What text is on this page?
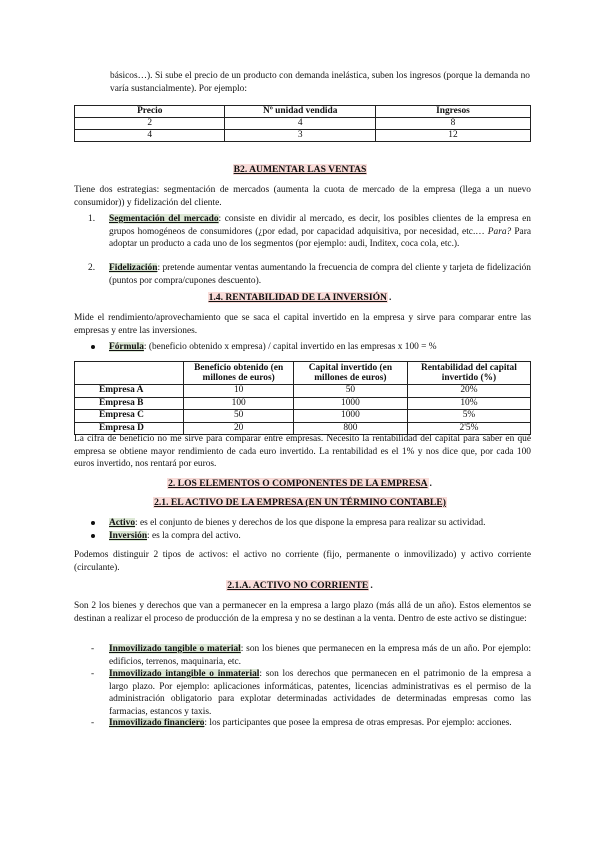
básicos…). Si sube el precio de un producto con demanda inelástica, suben los ingresos (porque la demanda no varía sustancialmente). Por ejemplo:

Precio	Nº unidad vendida	Ingresos
2	4	8
4	3	12
B2. AUMENTAR LAS VENTAS

Tiene dos estrategias: segmentación de mercados (aumenta la cuota de mercado de la empresa (llega a un nuevo consumidor)) y fidelización del cliente.

1. Segmentación del mercado: consiste en dividir al mercado, es decir, los posibles clientes de la empresa en grupos homogéneos de consumidores (¿por edad, por capacidad adquisitiva, por necesidad, etc.… Para? Para adoptar un producto a cada uno de los segmentos (por ejemplo: audi, Inditex, coca cola, etc.).

2. Fidelización: pretende aumentar ventas aumentando la frecuencia de compra del cliente y tarjeta de fidelización (puntos por compra/cupones descuento).

1.4. RENTABILIDAD DE LA INVERSIÓN .

Mide el rendimiento/aprovechamiento que se saca el capital invertido en la empresa y sirve para comparar entre las empresas y entre las inversiones.

Fórmula: (beneficio obtenido x empresa) / capital invertido en las empresas x 100 = %

	Beneficio obtenido (en millones de euros)	Capital invertido (en millones de euros)	Rentabilidad del capital invertido (%)
Empresa A	10	50	20%
Empresa B	100	1000	10%
Empresa C	50	1000	5%
Empresa D	20	800	2'5%

La cifra de beneficio no me sirve para comparar entre empresas. Necesito la rentabilidad del capital para saber en qué empresa se obtiene mayor rendimiento de cada euro invertido. La rentabilidad es el 1% y nos dice que, por cada 100 euros invertido, nos rentará por euros.

2. LOS ELEMENTOS O COMPONENTES DE LA EMPRESA .
2.1. EL ACTIVO DE LA EMPRESA (EN UN TÉRMINO CONTABLE)

Activo: es el conjunto de bienes y derechos de los que dispone la empresa para realizar su actividad.

Inversión: es la compra del activo.

Podemos distinguir 2 tipos de activos: el activo no corriente (fijo, permanente o inmovilizado) y activo corriente (circulante).

2.1.A. ACTIVO NO CORRIENTE .

Son 2 los bienes y derechos que van a permanecer en la empresa a largo plazo (más allá de un año). Estos elementos se destinan a realizar el proceso de producción de la empresa y no se destinan a la venta. Dentro de este activo se distingue:

- Inmovilizado tangible o material: son los bienes que permanecen en la empresa más de un año. Por ejemplo: edificios, terrenos, maquinaria, etc.

- Inmovilizado intangible o inmaterial: son los derechos que permanecen en el patrimonio de la empresa a largo plazo. Por ejemplo: aplicaciones informáticas, patentes, licencias administrativas es el permiso de la administración obligatorio para explotar determinadas actividades de determinadas empresas como las farmacias, estancos y taxis.

- Inmovilizado financiero: los participantes que posee la empresa de otras empresas. Por ejemplo: acciones.
